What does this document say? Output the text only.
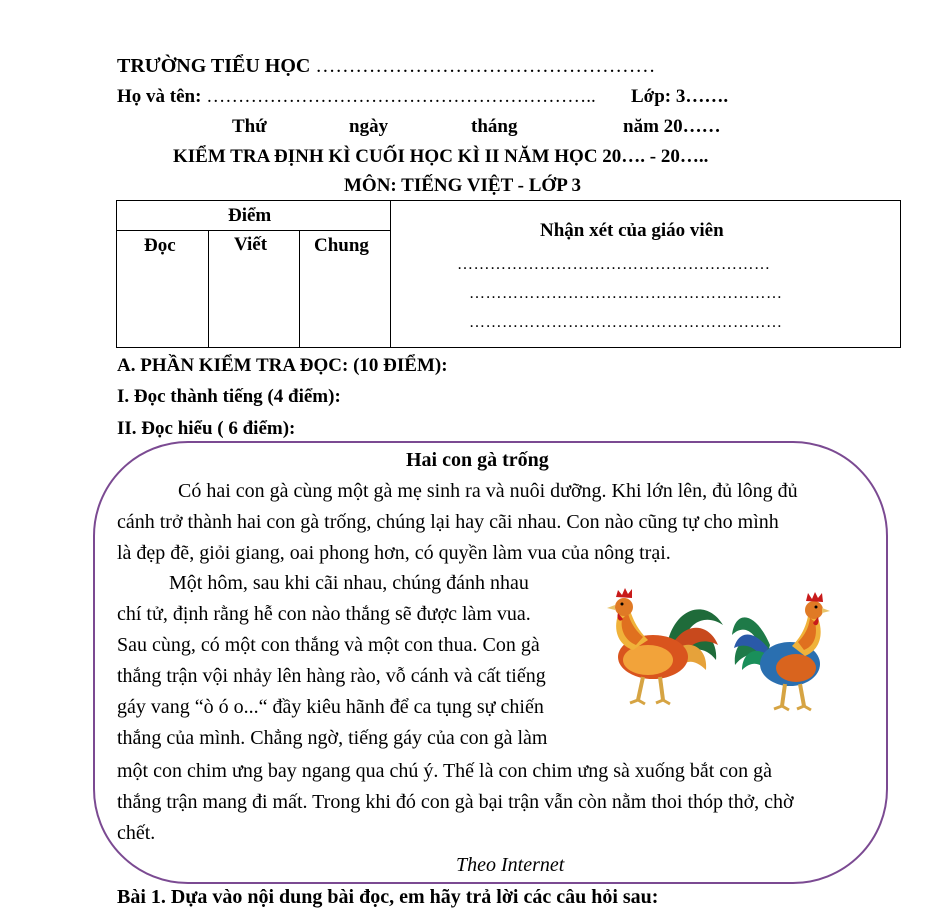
TRƯỜNG TIỂU HỌC ……………………………………………
Họ và tên: …………………………………………………….. Lớp: 3…….
Thứ	ngày	tháng	năm 20……
KIỂM TRA ĐỊNH KÌ CUỐI HỌC KÌ II NĂM HỌC 20…. - 20…..
MÔN: TIẾNG VIỆT - LỚP 3
Điểm
Đọc	Viết Chung
Nhận xét của giáo viên
…………………………………………………
…………………………………………………
…………………………………………………
A. PHẦN KIỂM TRA ĐỌC: (10 ĐIỂM):
I. Đọc thành tiếng (4 điểm):
II. Đọc hiểu ( 6 điểm):
Hai con gà trống
Có hai con gà cùng một gà mẹ sinh ra và nuôi dưỡng. Khi lớn lên, đủ lông đủ
cánh trở thành hai con gà trống, chúng lại hay cãi nhau. Con nào cũng tự cho mình
là đẹp đẽ, giỏi giang, oai phong hơn, có quyền làm vua của nông trại.
Một hôm, sau khi cãi nhau, chúng đánh nhau
chí tử, định rằng hễ con nào thắng sẽ được làm vua.
Sau cùng, có một con thắng và một con thua. Con gà
thắng trận vội nhảy lên hàng rào, vỗ cánh và cất tiếng
gáy vang “ò ó o...“ đầy kiêu hãnh để ca tụng sự chiến
thắng của mình. Chẳng ngờ, tiếng gáy của con gà làm
một con chim ưng bay ngang qua chú ý. Thế là con chim ưng sà xuống bắt con gà
thắng trận mang đi mất. Trong khi đó con gà bại trận vẫn còn nằm thoi thóp thở, chờ
chết.
Theo Internet
Bài 1. Dựa vào nội dung bài đọc, em hãy trả lời các câu hỏi sau:
